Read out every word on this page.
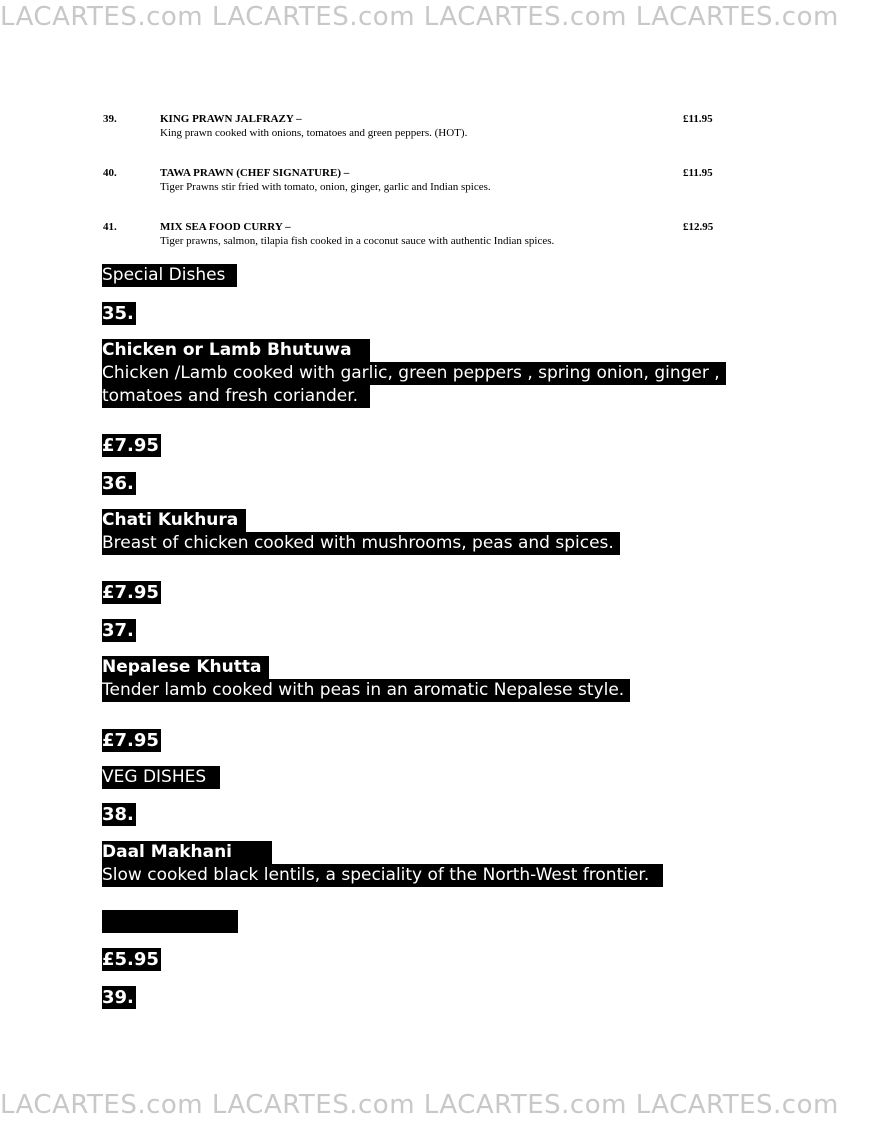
LACARTES.com LACARTES.com LACARTES.com LACARTES.com
39.	KING PRAWN JALFRAZY –
King prawn cooked with onions, tomatoes and green peppers. (HOT).
£11.95
40.	TAWA PRAWN (CHEF SIGNATURE) –
Tiger Prawns stir fried with tomato, onion, ginger, garlic and Indian spices.
£11.95
41.	MIX SEA FOOD CURRY –
Tiger prawns, salmon, tilapia fish cooked in a coconut sauce with authentic Indian spices.
£12.95
Special Dishes
35.
Chicken or Lamb Bhutuwa
Chicken /Lamb cooked with garlic, green peppers , spring onion, ginger ,
tomatoes and fresh coriander.
£7.95
36.
Chati Kukhura
Breast of chicken cooked with mushrooms, peas and spices.
£7.95
37.
Nepalese Khutta
Tender lamb cooked with peas in an aromatic Nepalese style.
£7.95
VEG DISHES
38.
Daal Makhani
Slow cooked black lentils, a speciality of the North-West frontier.
£5.95
39.
LACARTES.com LACARTES.com LACARTES.com LACARTES.com
